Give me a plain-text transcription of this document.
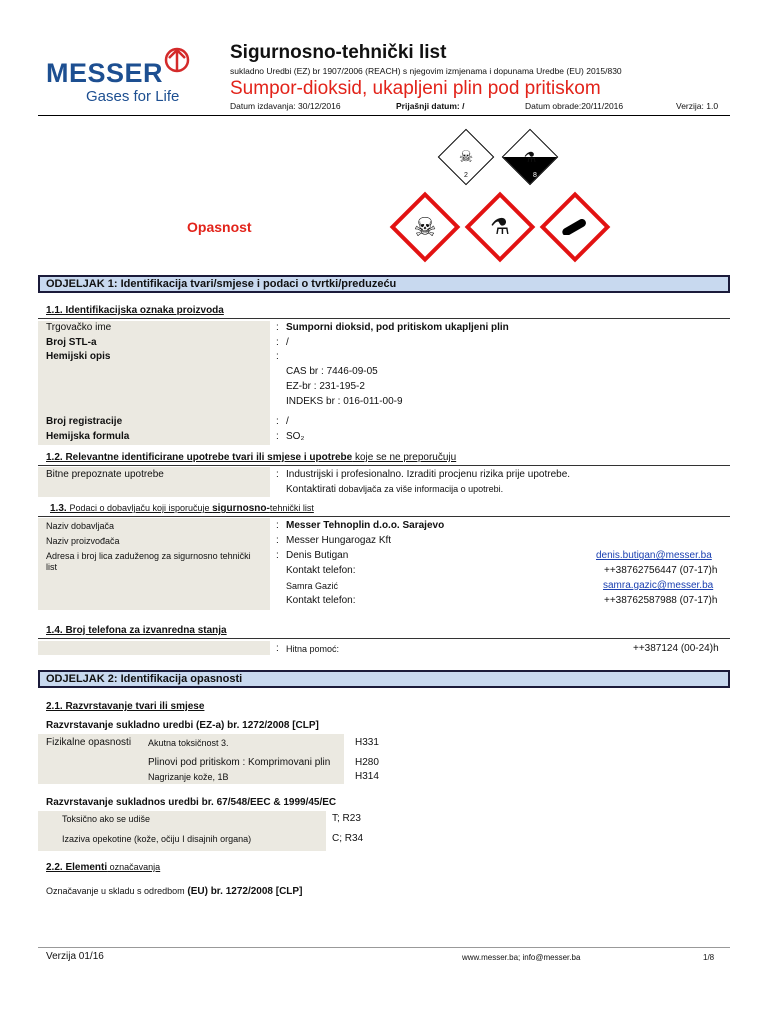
MESSER
Gases for Life
Sigurnosno-tehnički list
sukladno Uredbi (EZ) br 1907/2006 (REACH) s njegovim izmjenama i dopunama Uredbe (EU) 2015/830
Sumpor-dioksid, ukapljeni plin pod pritiskom
Datum izdavanja: 30/12/2016	Prijašnji datum: /	Datum obrade:20/11/2016	Verzija: 1.0
☠
2
⚗
8
☠	⚗
Opasnost
ODJELJAK 1: Identifikacija tvari/smjese i podaci o tvrtki/preduzeću
1.1. Identifikacijska oznaka proizvoda
Trgovačko ime	: Sumporni dioksid, pod pritiskom ukapljeni plin
Broj STL-a	: /
Hemijski opis	:
CAS br : 7446-09-05
EZ-br : 231-195-2
INDEKS br : 016-011-00-9
Broj registracije	: /
Hemijska formula	: SO₂
1.2. Relevantne identificirane upotrebe tvari ili smjese i upotrebe koje se ne preporučuju
Bitne prepoznate upotrebe	: Industrijski i profesionalno. Izraditi procjenu rizika prije upotrebe.
Kontaktirati dobavljača za više informacija o upotrebi.
1.3. Podaci o dobavljaču koji isporučuje sigurnosno-tehnički list
Naziv dobavljača	: Messer Tehnoplin d.o.o. Sarajevo
Naziv proizvođača	: Messer Hungarogaz Kft
Adresa i broj lica zaduženog za sigurnosno tehnički list
: Denis Butigan	denis.butigan@messer.ba
Kontakt telefon:	++38762756447 (07-17)h
Samra Gazić	samra.gazic@messer.ba
Kontakt telefon:	++38762587988 (07-17)h
1.4. Broj telefona za izvanredna stanja
: Hitna pomoć:	++387124 (00-24)h
ODJELJAK 2: Identifikacija opasnosti
2.1. Razvrstavanje tvari ili smjese
Razvrstavanje sukladno uredbi (EZ-a) br. 1272/2008 [CLP]
Fizikalne opasnosti Akutna toksičnost 3.	H331
Plinovi pod pritiskom : Komprimovani plin H280
Nagrizanje kože, 1B	H314
Razvrstavanje sukladnos uredbi br. 67/548/EEC & 1999/45/EC
Toksično ako se udiše	T; R23
Izaziva opekotine (kože, očiju I disajnih organa)	C; R34
2.2. Elementi označavanja
Označavanje u skladu s odredbom (EU) br. 1272/2008 [CLP]
Verzija 01/16	www.messer.ba; info@messer.ba	1/8
